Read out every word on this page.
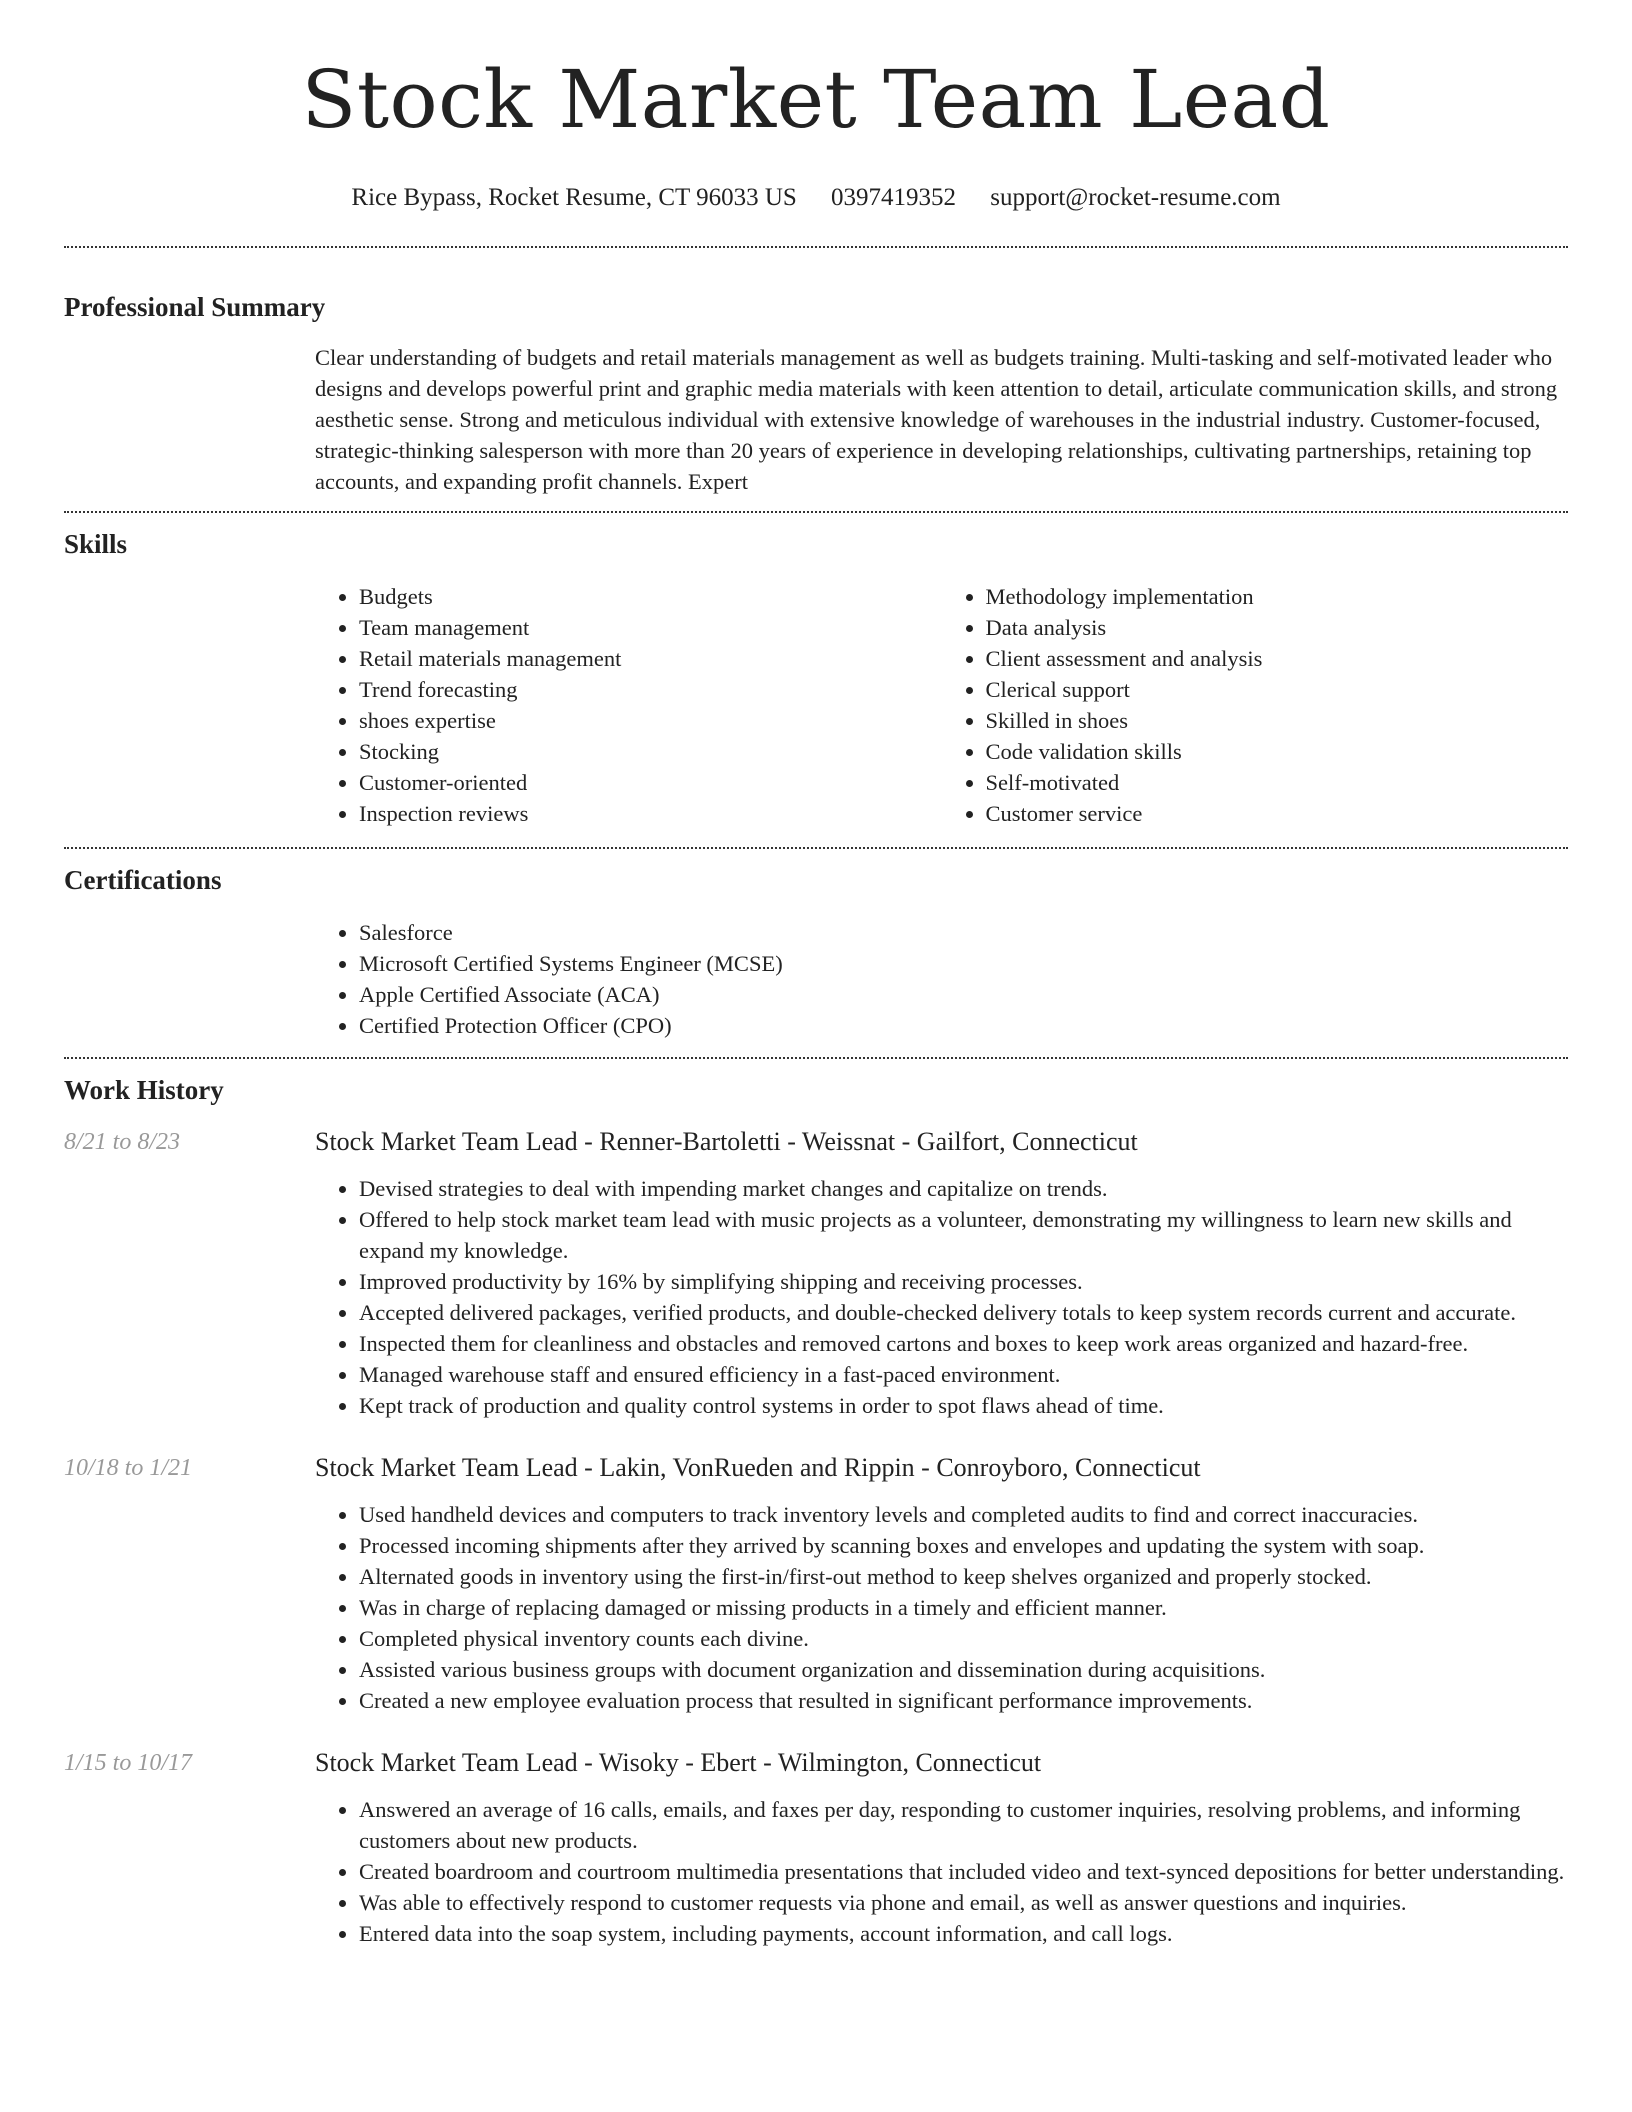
Stock Market Team Lead
Rice Bypass, Rocket Resume, CT 96033 US 0397419352 support@rocket-resume.com
Professional Summary
Clear understanding of budgets and retail materials management as well as budgets training. Multi-tasking and self-motivated leader who designs and develops powerful print and graphic media materials with keen attention to detail, articulate communication skills, and strong aesthetic sense. Strong and meticulous individual with extensive knowledge of warehouses in the industrial industry. Customer-focused, strategic-thinking salesperson with more than 20 years of experience in developing relationships, cultivating partnerships, retaining top accounts, and expanding profit channels. Expert
Skills
• Budgets
• Team management
• Retail materials management
• Trend forecasting
• shoes expertise
• Stocking
• Customer-oriented
• Inspection reviews
• Methodology implementation
• Data analysis
• Client assessment and analysis
• Clerical support
• Skilled in shoes
• Code validation skills
• Self-motivated
• Customer service
Certifications
• Salesforce
• Microsoft Certified Systems Engineer (MCSE)
• Apple Certified Associate (ACA)
• Certified Protection Officer (CPO)
Work History
8/21 to 8/23	Stock Market Team Lead - Renner-Bartoletti - Weissnat - Gailfort, Connecticut
• Devised strategies to deal with impending market changes and capitalize on trends.
• Offered to help stock market team lead with music projects as a volunteer, demonstrating my willingness to learn new skills and expand my knowledge.
• Improved productivity by 16% by simplifying shipping and receiving processes.
• Accepted delivered packages, verified products, and double-checked delivery totals to keep system records current and accurate.
• Inspected them for cleanliness and obstacles and removed cartons and boxes to keep work areas organized and hazard-free.
• Managed warehouse staff and ensured efficiency in a fast-paced environment.
• Kept track of production and quality control systems in order to spot flaws ahead of time.
10/18 to 1/21	Stock Market Team Lead - Lakin, VonRueden and Rippin - Conroyboro, Connecticut
• Used handheld devices and computers to track inventory levels and completed audits to find and correct inaccuracies.
• Processed incoming shipments after they arrived by scanning boxes and envelopes and updating the system with soap.
• Alternated goods in inventory using the first-in/first-out method to keep shelves organized and properly stocked.
• Was in charge of replacing damaged or missing products in a timely and efficient manner.
• Completed physical inventory counts each divine.
• Assisted various business groups with document organization and dissemination during acquisitions.
• Created a new employee evaluation process that resulted in significant performance improvements.
1/15 to 10/17	Stock Market Team Lead - Wisoky - Ebert - Wilmington, Connecticut
• Answered an average of 16 calls, emails, and faxes per day, responding to customer inquiries, resolving problems, and informing customers about new products.
• Created boardroom and courtroom multimedia presentations that included video and text-synced depositions for better understanding.
• Was able to effectively respond to customer requests via phone and email, as well as answer questions and inquiries.
• Entered data into the soap system, including payments, account information, and call logs.
